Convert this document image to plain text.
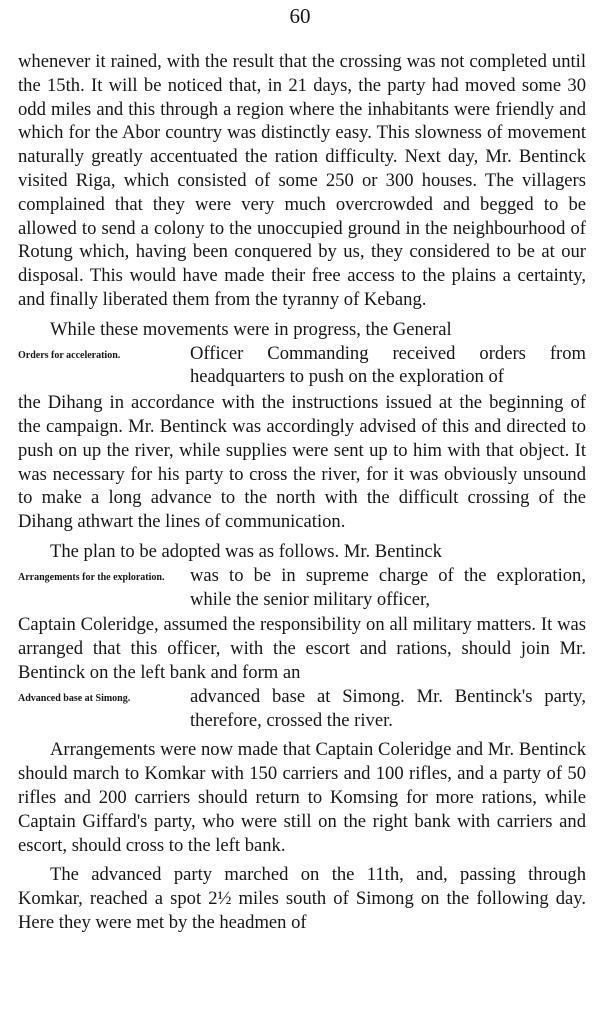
60

whenever it rained, with the result that the crossing was not completed until the 15th. It will be noticed that, in 21 days, the party had moved some 30 odd miles and this through a region where the inhabitants were friendly and which for the Abor country was distinctly easy. This slowness of movement naturally greatly accentuated the ration difficulty. Next day, Mr. Bentinck visited Riga, which consisted of some 250 or 300 houses. The villagers complained that they were very much overcrowded and begged to be allowed to send a colony to the unoccupied ground in the neighbourhood of Rotung which, having been conquered by us, they considered to be at our disposal. This would have made their free access to the plains a certainty, and finally liberated them from the tyranny of Kebang.

While these movements were in progress, the General

Orders for acceleration.	Officer Commanding received orders from headquarters to push on the exploration of

the Dihang in accordance with the instructions issued at the beginning of the campaign. Mr. Bentinck was accordingly advised of this and directed to push on up the river, while supplies were sent up to him with that object. It was necessary for his party to cross the river, for it was obviously unsound to make a long advance to the north with the difficult crossing of the Dihang athwart the lines of communication.

The plan to be adopted was as follows. Mr. Bentinck

Arrangements for the exploration.	was to be in supreme charge of the exploration, while the senior military officer,

Captain Coleridge, assumed the responsibility on all military matters. It was arranged that this officer, with the escort and rations, should join Mr. Bentinck on the left bank and form an

Advanced base at Simong.	advanced base at Simong. Mr. Bentinck's party, therefore, crossed the river.

Arrangements were now made that Captain Coleridge and Mr. Bentinck should march to Komkar with 150 carriers and 100 rifles, and a party of 50 rifles and 200 carriers should return to Komsing for more rations, while Captain Giffard's party, who were still on the right bank with carriers and escort, should cross to the left bank.

The advanced party marched on the 11th, and, passing through Komkar, reached a spot 2½ miles south of Simong on the following day. Here they were met by the headmen of
